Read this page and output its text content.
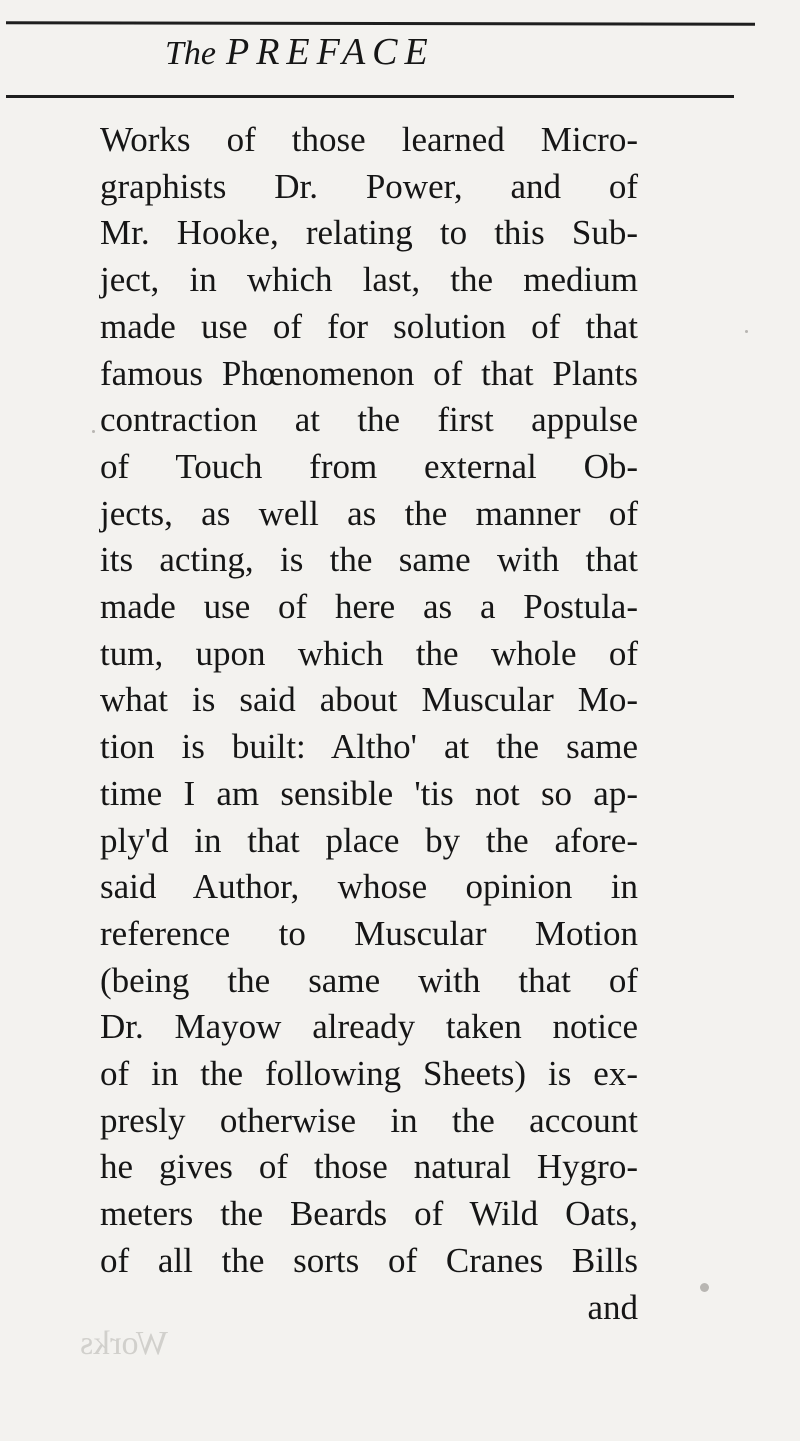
The PREFACE
Works of those learned Micro-
graphists Dr. Power, and of
Mr. Hooke, relating to this Sub-
ject, in which last, the medium
made use of for solution of that
famous Phœnomenon of that Plants
contraction at the first appulse
of Touch from external Ob-
jects, as well as the manner of
its acting, is the same with that
made use of here as a Postula-
tum, upon which the whole of
what is said about Muscular Mo-
tion is built: Altho' at the same
time I am sensible 'tis not so ap-
ply'd in that place by the afore-
said Author, whose opinion in
reference to Muscular Motion
(being the same with that of
Dr. Mayow already taken notice
of in the following Sheets) is ex-
presly otherwise in the account
he gives of those natural Hygro-
meters the Beards of Wild Oats,
of all the sorts of Cranes Bills
and
Works
